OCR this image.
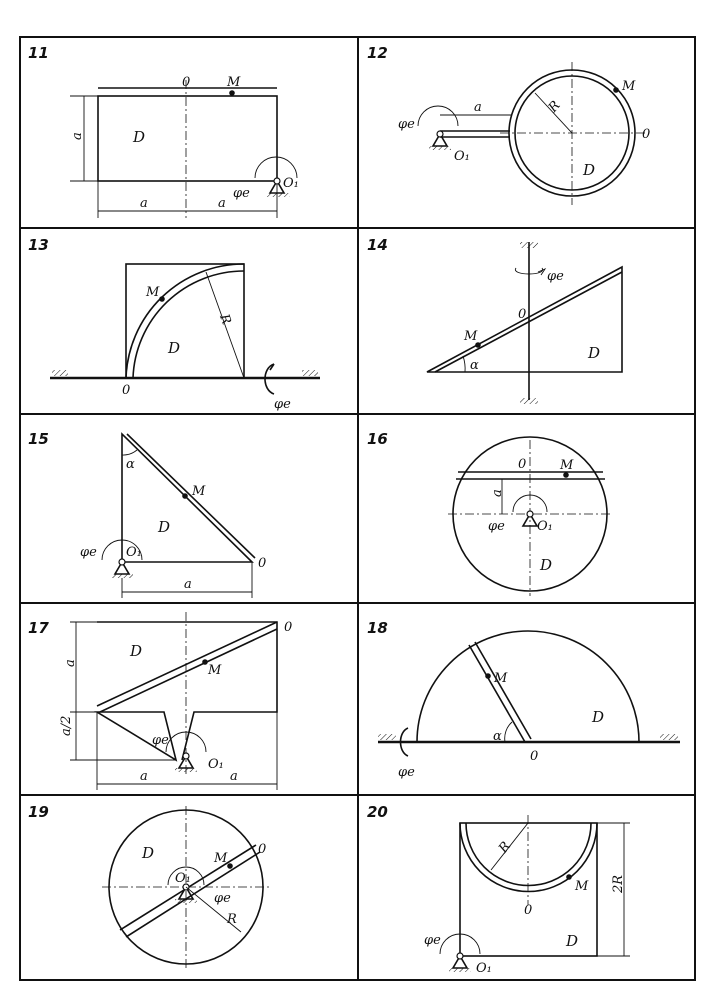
11
0	M
D
a
a	a
φe
O₁
12
R
M
0
D
a
φe
O₁
13
M
D
R
0
φe
14
M
α
0
D
φe
15
M
α
D
0
φe O₁
a
16
0	M
a
φe O₁
D
17
M
D
0
a
a/2
φe
O₁
a	a
18
M
α
D
0
φe
19
M
0
D
O₁
φe
R
20
R
M
0
D
2R
φe
O₁
